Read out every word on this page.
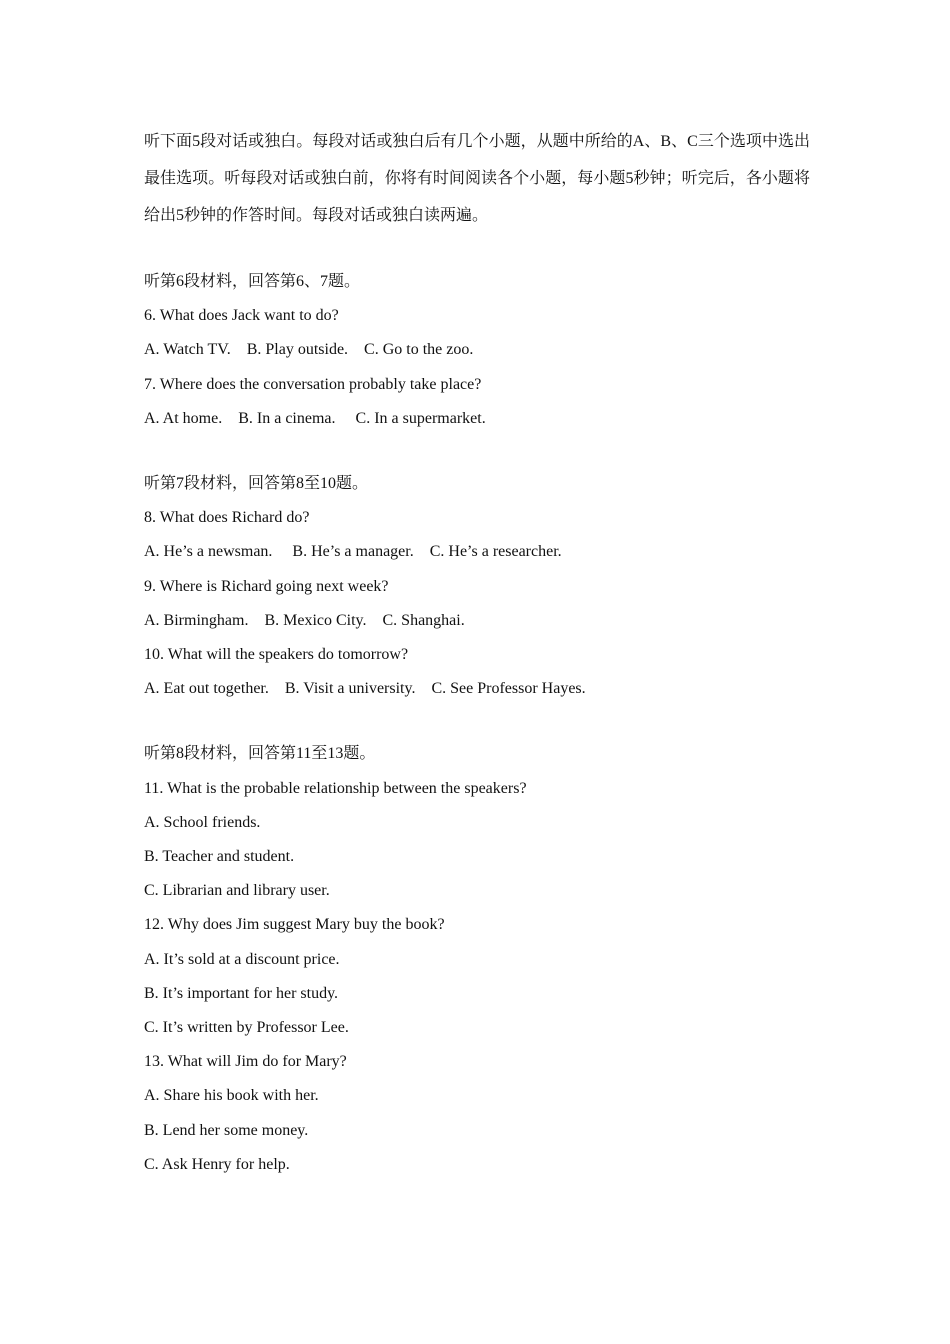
听下面5段对话或独白。每段对话或独白后有几个小题，从题中所给的A、B、C三个选项中选出最佳选项。听每段对话或独白前，你将有时间阅读各个小题，每小题5秒钟；听完后，各小题将给出5秒钟的作答时间。每段对话或独白读两遍。

听第6段材料，回答第6、7题。

6. What does Jack want to do?

A. Watch TV.    B. Play outside.    C. Go to the zoo.

7. Where does the conversation probably take place?

A. At home.    B. In a cinema.     C. In a supermarket.

听第7段材料，回答第8至10题。

8. What does Richard do?

A. He’s a newsman.     B. He’s a manager.    C. He’s a researcher.

9. Where is Richard going next week?

A. Birmingham.    B. Mexico City.    C. Shanghai.

10. What will the speakers do tomorrow?

A. Eat out together.    B. Visit a university.    C. See Professor Hayes.

听第8段材料，回答第11至13题。

11. What is the probable relationship between the speakers?

A. School friends.

B. Teacher and student.

C. Librarian and library user.

12. Why does Jim suggest Mary buy the book?

A. It’s sold at a discount price.

B. It’s important for her study.

C. It’s written by Professor Lee.

13. What will Jim do for Mary?

A. Share his book with her.

B. Lend her some money.

C. Ask Henry for help.
